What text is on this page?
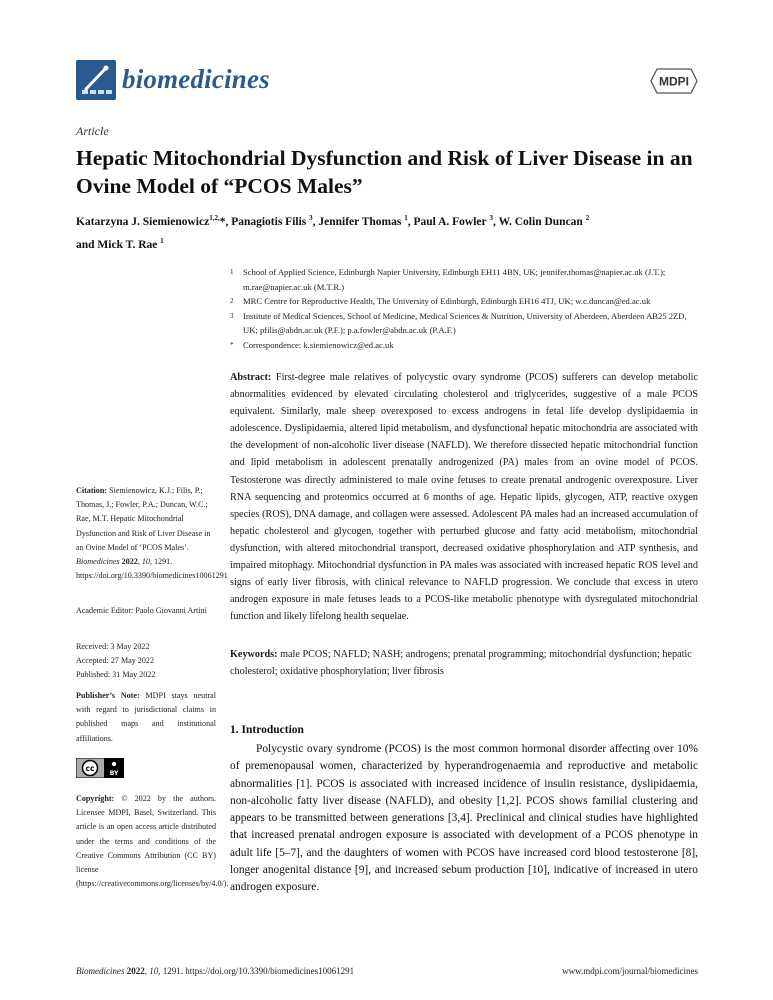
biomedicines	MDPI
Article
Hepatic Mitochondrial Dysfunction and Risk of Liver Disease in an Ovine Model of “PCOS Males”
Katarzyna J. Siemienowicz$^{1,2,}$*, Panagiotis Filis $^3$, Jennifer Thomas $^1$, Paul A. Fowler $^3$, W. Colin Duncan $^2$
and Mick T. Rae $^1$
1	School of Applied Science, Edinburgh Napier University, Edinburgh EH11 4BN, UK; jennifer.thomas@napier.ac.uk (J.T.); m.rae@napier.ac.uk (M.T.R.)
2	MRC Centre for Reproductive Health, The University of Edinburgh, Edinburgh EH16 4TJ, UK; w.c.duncan@ed.ac.uk
3	Institute of Medical Sciences, School of Medicine, Medical Sciences & Nutrition, University of Aberdeen, Aberdeen AB25 2ZD, UK; pfilis@abdn.ac.uk (P.F.); p.a.fowler@abdn.ac.uk (P.A.F.)
*	Correspondence: k.siemienowicz@ed.ac.uk
Abstract: First-degree male relatives of polycystic ovary syndrome (PCOS) sufferers can develop metabolic abnormalities evidenced by elevated circulating cholesterol and triglycerides, suggestive of a male PCOS equivalent. Similarly, male sheep overexposed to excess androgens in fetal life develop dyslipidaemia in adolescence. Dyslipidaemia, altered lipid metabolism, and dysfunctional hepatic mitochondria are associated with the development of non-alcoholic liver disease (NAFLD). We therefore dissected hepatic mitochondrial function and lipid metabolism in adolescent prenatally androgenized (PA) males from an ovine model of PCOS. Testosterone was directly administered to male ovine fetuses to create prenatal androgenic overexposure. Liver RNA sequencing and proteomics occurred at 6 months of age. Hepatic lipids, glycogen, ATP, reactive oxygen species (ROS), DNA damage, and collagen were assessed. Adolescent PA males had an increased accumulation of hepatic cholesterol and glycogen, together with perturbed glucose and fatty acid metabolism, mitochondrial dysfunction, with altered mitochondrial transport, decreased oxidative phosphorylation and ATP synthesis, and impaired mitophagy. Mitochondrial dysfunction in PA males was associated with increased hepatic ROS level and signs of early liver fibrosis, with clinical relevance to NAFLD progression. We conclude that excess in utero androgen exposure in male fetuses leads to a PCOS-like metabolic phenotype with dysregulated mitochondrial function and likely lifelong health sequelae.
Keywords: male PCOS; NAFLD; NASH; androgens; prenatal programming; mitochondrial dysfunction; hepatic cholesterol; oxidative phosphorylation; liver fibrosis
Citation: Siemienowicz, K.J.; Filis, P.; Thomas, J.; Fowler, P.A.; Duncan, W.C.; Rae, M.T. Hepatic Mitochondrial Dysfunction and Risk of Liver Disease in an Ovine Model of ‘PCOS Males’. Biomedicines 2022, 10, 1291. https://doi.org/10.3390/biomedicines10061291
Academic Editor: Paolo Giovanni Artini
Received: 3 May 2022
Accepted: 27 May 2022
Published: 31 May 2022
Publisher’s Note: MDPI stays neutral with regard to jurisdictional claims in published maps and institutional affiliations.
cc
BY
Copyright: © 2022 by the authors. Licensee MDPI, Basel, Switzerland. This article is an open access article distributed under the terms and conditions of the Creative Commons Attribution (CC BY) license (https://creativecommons.org/licenses/by/4.0/).
1. Introduction
Polycystic ovary syndrome (PCOS) is the most common hormonal disorder affecting over 10% of premenopausal women, characterized by hyperandrogenaemia and reproductive and metabolic abnormalities [1]. PCOS is associated with increased incidence of insulin resistance, dyslipidaemia, non-alcoholic fatty liver disease (NAFLD), and obesity [1,2]. PCOS shows familial clustering and appears to be transmitted between generations [3,4]. Preclinical and clinical studies have highlighted that increased prenatal androgen exposure is associated with development of a PCOS phenotype in adult life [5–7], and the daughters of women with PCOS have increased cord blood testosterone [8], longer anogenital distance [9], and increased sebum production [10], indicative of increased in utero androgen exposure.
Biomedicines 2022, 10, 1291. https://doi.org/10.3390/biomedicines10061291	www.mdpi.com/journal/biomedicines
